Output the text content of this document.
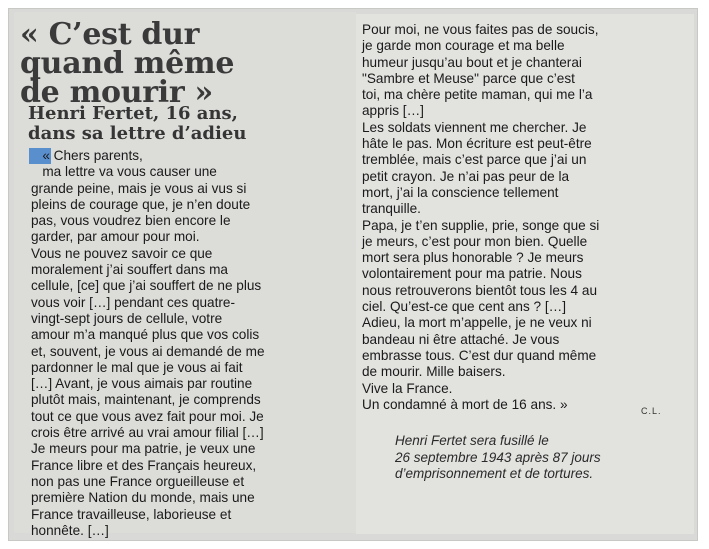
« C’est dur
quand même
de mourir »
Henri Fertet, 16 ans,
dans sa lettre d’adieu
« Chers parents,
ma lettre va vous causer une
grande peine, mais je vous ai vus si
pleins de courage que, je n’en doute
pas, vous voudrez bien encore le
garder, par amour pour moi.
Vous ne pouvez savoir ce que
moralement j’ai souffert dans ma
cellule, [ce] que j’ai souffert de ne plus
vous voir […] pendant ces quatre-
vingt-sept jours de cellule, votre
amour m’a manqué plus que vos colis
et, souvent, je vous ai demandé de me
pardonner le mal que je vous ai fait
[…] Avant, je vous aimais par routine
plutôt mais, maintenant, je comprends
tout ce que vous avez fait pour moi. Je
crois être arrivé au vrai amour filial […]
Je meurs pour ma patrie, je veux une
France libre et des Français heureux,
non pas une France orgueilleuse et
première Nation du monde, mais une
France travailleuse, laborieuse et
honnête. […]
Pour moi, ne vous faites pas de soucis,
je garde mon courage et ma belle
humeur jusqu’au bout et je chanterai
"Sambre et Meuse" parce que c’est
toi, ma chère petite maman, qui me l’a
appris […]
Les soldats viennent me chercher. Je
hâte le pas. Mon écriture est peut-être
tremblée, mais c’est parce que j’ai un
petit crayon. Je n’ai pas peur de la
mort, j’ai la conscience tellement
tranquille.
Papa, je t’en supplie, prie, songe que si
je meurs, c’est pour mon bien. Quelle
mort sera plus honorable ? Je meurs
volontairement pour ma patrie. Nous
nous retrouverons bientôt tous les 4 au
ciel. Qu’est-ce que cent ans ? […]
Adieu, la mort m’appelle, je ne veux ni
bandeau ni être attaché. Je vous
embrasse tous. C’est dur quand même
de mourir. Mille baisers.
Vive la France.
Un condamné à mort de 16 ans. »	C.L.
Henri Fertet sera fusillé le
26 septembre 1943 après 87 jours
d’emprisonnement et de tortures.
